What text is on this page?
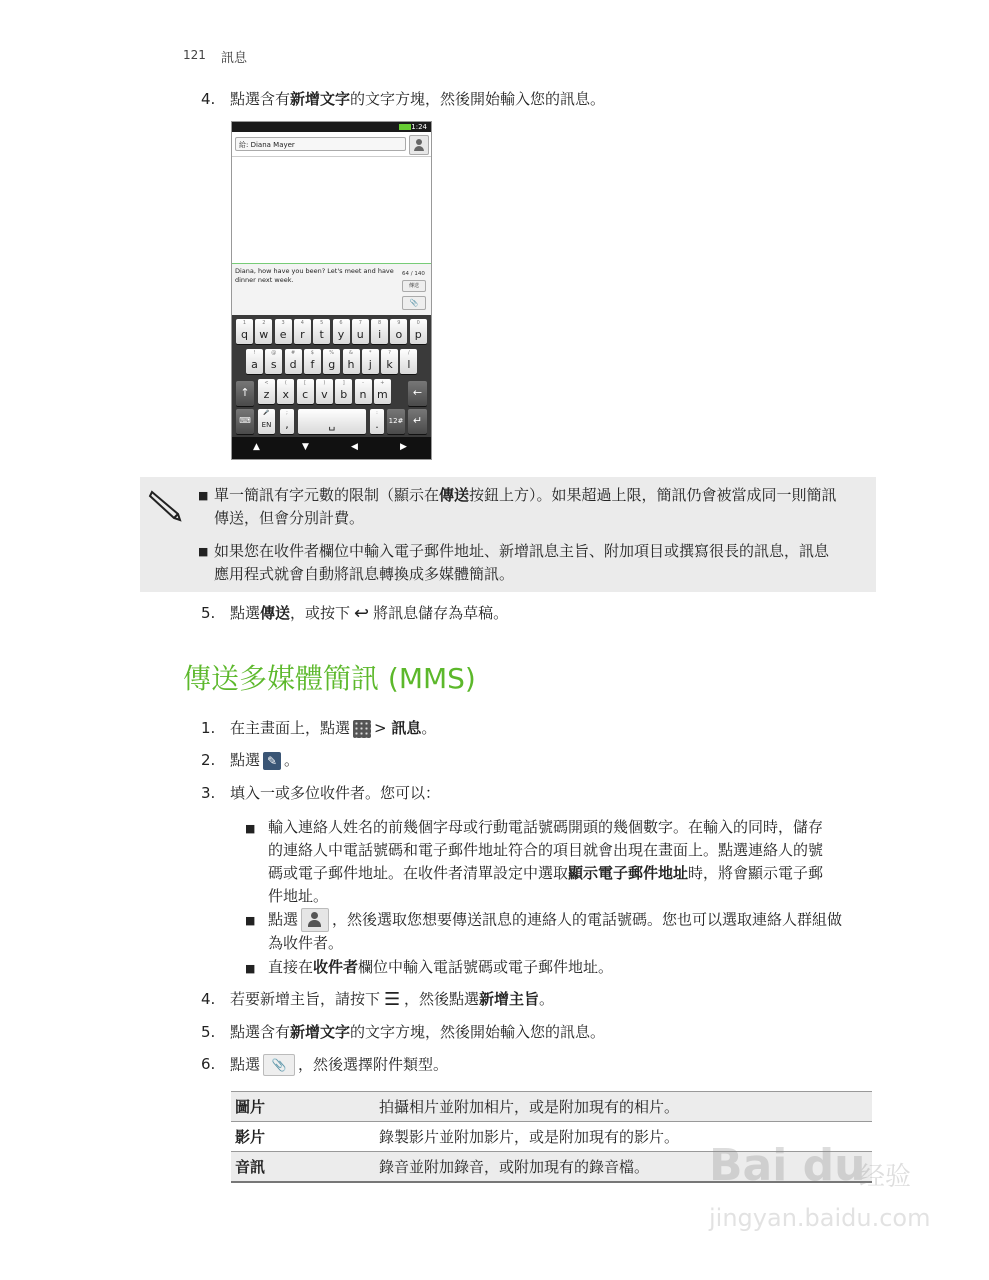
121 訊息
4. 點選含有新增文字的文字方塊，然後開始輸入您的訊息。
1:24
給: Diana Mayer
Diana, how have you been? Let's meet and have dinner next week.
64 / 140
傳送
📎
1
q
2
w
3
e
4
r
5
t
6
y
7
u
8
i
9
o
0
p
!
a
@
s
#
d
$
f
%
g
&
h
*
j
?
k
/
l
<
z
(
x
[
c
)
v
]
b
-
n
+
m
↑	←
⌨
🎤
EN
;
,	␣
:
.	12# ↵
▲	▼	◀	▶
■ 單一簡訊有字元數的限制（顯示在傳送按鈕上方）。如果超過上限，簡訊仍會被當成同一則簡訊
傳送，但會分別計費。
■ 如果您在收件者欄位中輸入電子郵件地址、新增訊息主旨、附加項目或撰寫很長的訊息，訊息
應用程式就會自動將訊息轉換成多媒體簡訊。
5. 點選傳送，或按下 ↩ 將訊息儲存為草稿。
傳送多媒體簡訊 (MMS)
1. 在主畫面上，點選 > 訊息。
2. 點選 ✎ 。
3. 填入一或多位收件者。您可以：
■ 輸入連絡人姓名的前幾個字母或行動電話號碼開頭的幾個數字。在輸入的同時，儲存
的連絡人中電話號碼和電子郵件地址符合的項目就會出現在畫面上。點選連絡人的號
碼或電子郵件地址。在收件者清單設定中選取顯示電子郵件地址時，將會顯示電子郵
件地址。
■ 點選 ，然後選取您想要傳送訊息的連絡人的電話號碼。您也可以選取連絡人群組做
為收件者。
■ 直接在收件者欄位中輸入電話號碼或電子郵件地址。
4. 若要新增主旨，請按下 ☰ ，然後點選新增主旨。
5. 點選含有新增文字的文字方塊，然後開始輸入您的訊息。
6. 點選 📎 ，然後選擇附件類型。
圖片	拍攝相片並附加相片，或是附加現有的相片。
影片	錄製影片並附加影片，或是附加現有的影片。
音訊	錄音並附加錄音，或附加現有的錄音檔。 Bai du
经验
jingyan.baidu.com
